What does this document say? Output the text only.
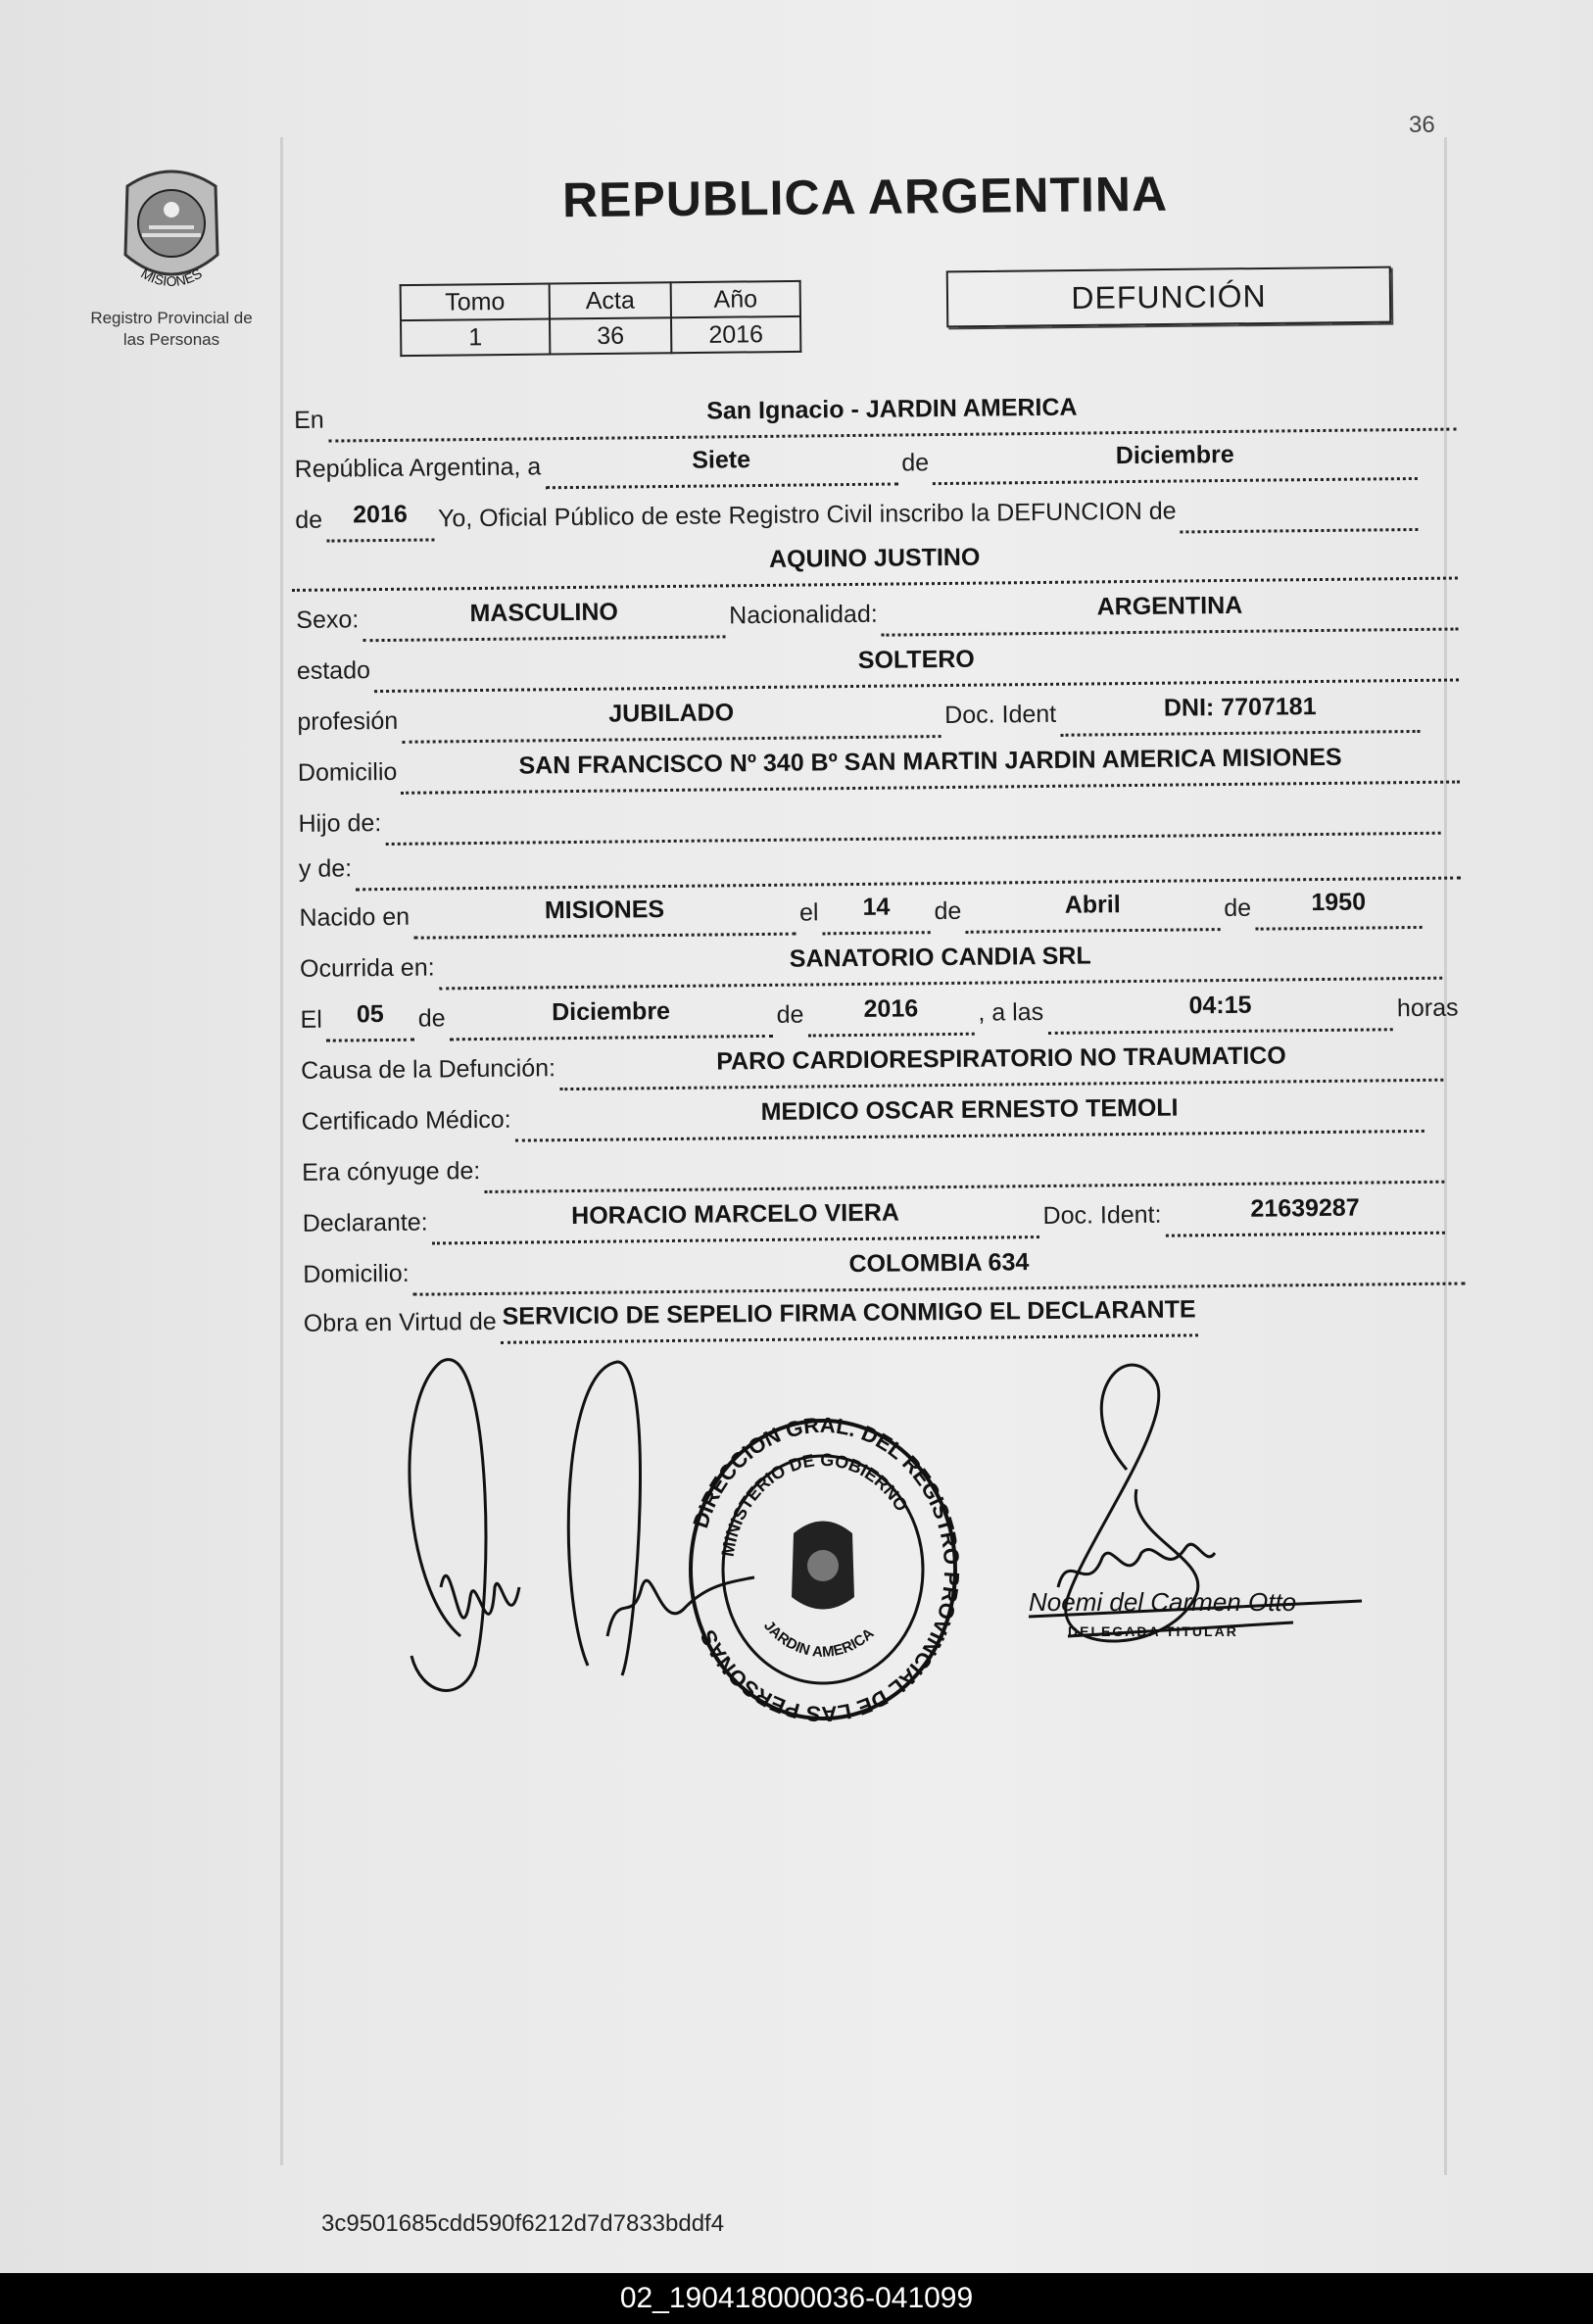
36
MISIONES
Registro Provincial de
las Personas
REPUBLICA ARGENTINA
Tomo	Acta	Año
1	36	2016
DEFUNCIÓN
En	San Ignacio - JARDIN AMERICA
República Argentina, a	Siete	de	Diciembre
de	2016	Yo, Oficial Público de este Registro Civil inscribo la DEFUNCION de
AQUINO JUSTINO
Sexo:	MASCULINO	Nacionalidad:	ARGENTINA
estado	SOLTERO
profesión	JUBILADO	Doc. Ident	DNI: 7707181
Domicilio	SAN FRANCISCO Nº 340 Bº SAN MARTIN JARDIN AMERICA MISIONES
Hijo de:
y de:
Nacido en	MISIONES	el	14	de	Abril	de	1950
Ocurrida en:	SANATORIO CANDIA SRL
El	05	de	Diciembre	de	2016	, a las	04:15	horas
Causa de la Defunción:	PARO CARDIORESPIRATORIO NO TRAUMATICO
Certificado Médico:	MEDICO OSCAR ERNESTO TEMOLI
Era cónyuge de:
Declarante:	HORACIO MARCELO VIERA	Doc. Ident:	21639287
Domicilio:	COLOMBIA 634
Obra en Virtud de SERVICIO DE SEPELIO FIRMA CONMIGO EL DECLARANTE
DIRECCION GRAL. DEL REGISTRO PROVINCIAL DE LAS PERSONAS
MINISTERIO DE GOBIERNO
JARDIN AMERICA
Noemi del Carmen Otto
DELEGADA TITULAR
3c9501685cdd590f6212d7d7833bddf4
02_190418000036-041099
